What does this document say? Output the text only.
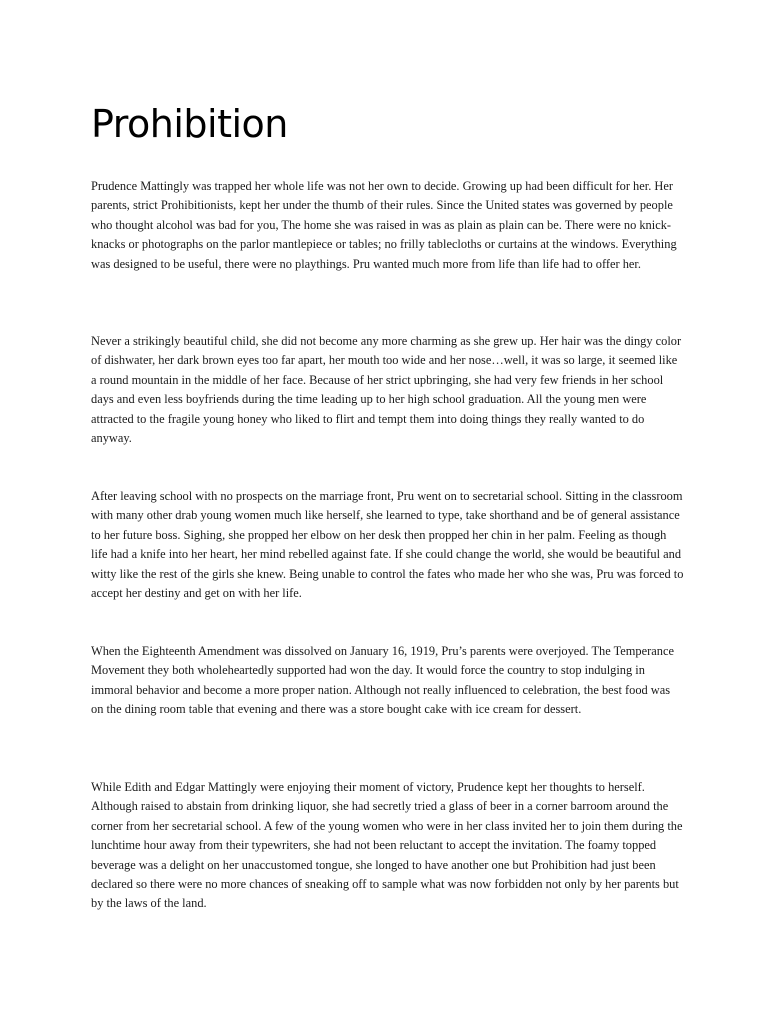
Prohibition

Prudence Mattingly was trapped her whole life was not her own to decide. Growing up had been difficult for her. Her parents, strict Prohibitionists, kept her under the thumb of their rules. Since the United states was governed by people who thought alcohol was bad for you, The home she was raised in was as plain as plain can be. There were no knick-knacks or photographs on the parlor mantlepiece or tables; no frilly tablecloths or curtains at the windows. Everything was designed to be useful, there were no playthings. Pru wanted much more from life than life had to offer her.

Never a strikingly beautiful child, she did not become any more charming as she grew up. Her hair was the dingy color of dishwater, her dark brown eyes too far apart, her mouth too wide and her nose…well, it was so large, it seemed like a round mountain in the middle of her face. Because of her strict upbringing, she had very few friends in her school days and even less boyfriends during the time leading up to her high school graduation. All the young men were attracted to the fragile young honey who liked to flirt and tempt them into doing things they really wanted to do anyway.

After leaving school with no prospects on the marriage front, Pru went on to secretarial school. Sitting in the classroom with many other drab young women much like herself, she learned to type, take shorthand and be of general assistance to her future boss. Sighing, she propped her elbow on her desk then propped her chin in her palm. Feeling as though life had a knife into her heart, her mind rebelled against fate. If she could change the world, she would be beautiful and witty like the rest of the girls she knew. Being unable to control the fates who made her who she was, Pru was forced to accept her destiny and get on with her life.

When the Eighteenth Amendment was dissolved on January 16, 1919, Pru’s parents were overjoyed. The Temperance Movement they both wholeheartedly supported had won the day. It would force the country to stop indulging in immoral behavior and become a more proper nation. Although not really influenced to celebration, the best food was on the dining room table that evening and there was a store bought cake with ice cream for dessert.

While Edith and Edgar Mattingly were enjoying their moment of victory, Prudence kept her thoughts to herself. Although raised to abstain from drinking liquor, she had secretly tried a glass of beer in a corner barroom around the corner from her secretarial school. A few of the young women who were in her class invited her to join them during the lunchtime hour away from their typewriters, she had not been reluctant to accept the invitation. The foamy topped beverage was a delight on her unaccustomed tongue, she longed to have another one but Prohibition had just been declared so there were no more chances of sneaking off to sample what was now forbidden not only by her parents but by the laws of the land.
